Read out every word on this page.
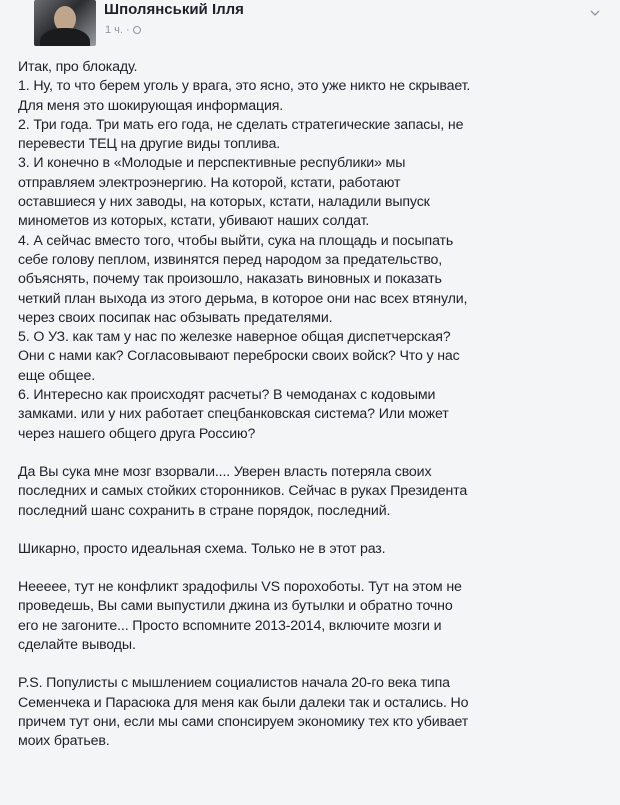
Шполянський Ілля
1 ч. ·
Итак, про блокаду.
1. Ну, то что берем уголь у врага, это ясно, это уже никто не скрывает.
Для меня это шокирующая информация.
2. Три года. Три мать его года, не сделать стратегические запасы, не
перевести ТЕЦ на другие виды топлива.
3. И конечно в «Молодые и перспективные республики» мы
отправляем электроэнергию. На которой, кстати, работают
оставшиеся у них заводы, на которых, кстати, наладили выпуск
минометов из которых, кстати, убивают наших солдат.
4. А сейчас вместо того, чтобы выйти, сука на площадь и посыпать
себе голову пеплом, извинятся перед народом за предательство,
объяснять, почему так произошло, наказать виновных и показать
четкий план выхода из этого дерьма, в которое они нас всех втянули,
через своих посипак нас обзывать предателями.
5. О УЗ. как там у нас по железке наверное общая диспетчерская?
Они с нами как? Согласовывают переброски своих войск? Что у нас
еще общее.
6. Интересно как происходят расчеты? В чемоданах с кодовыми
замками. или у них работает спецбанковская система? Или может
через нашего общего друга Россию?
Да Вы сука мне мозг взорвали.... Уверен власть потеряла своих
последних и самых стойких сторонников. Сейчас в руках Президента
последний шанс сохранить в стране порядок, последний.
Шикарно, просто идеальная схема. Только не в этот раз.
Неееее, тут не конфликт зрадофилы VS порохоботы. Тут на этом не
проведешь, Вы сами выпустили джина из бутылки и обратно точно
его не загоните... Просто вспомните 2013-2014, включите мозги и
сделайте выводы.
P.S. Популисты с мышлением социалистов начала 20-го века типа
Семенчека и Парасюка для меня как были далеки так и остались. Но
причем тут они, если мы сами спонсируем экономику тех кто убивает
моих братьев.
